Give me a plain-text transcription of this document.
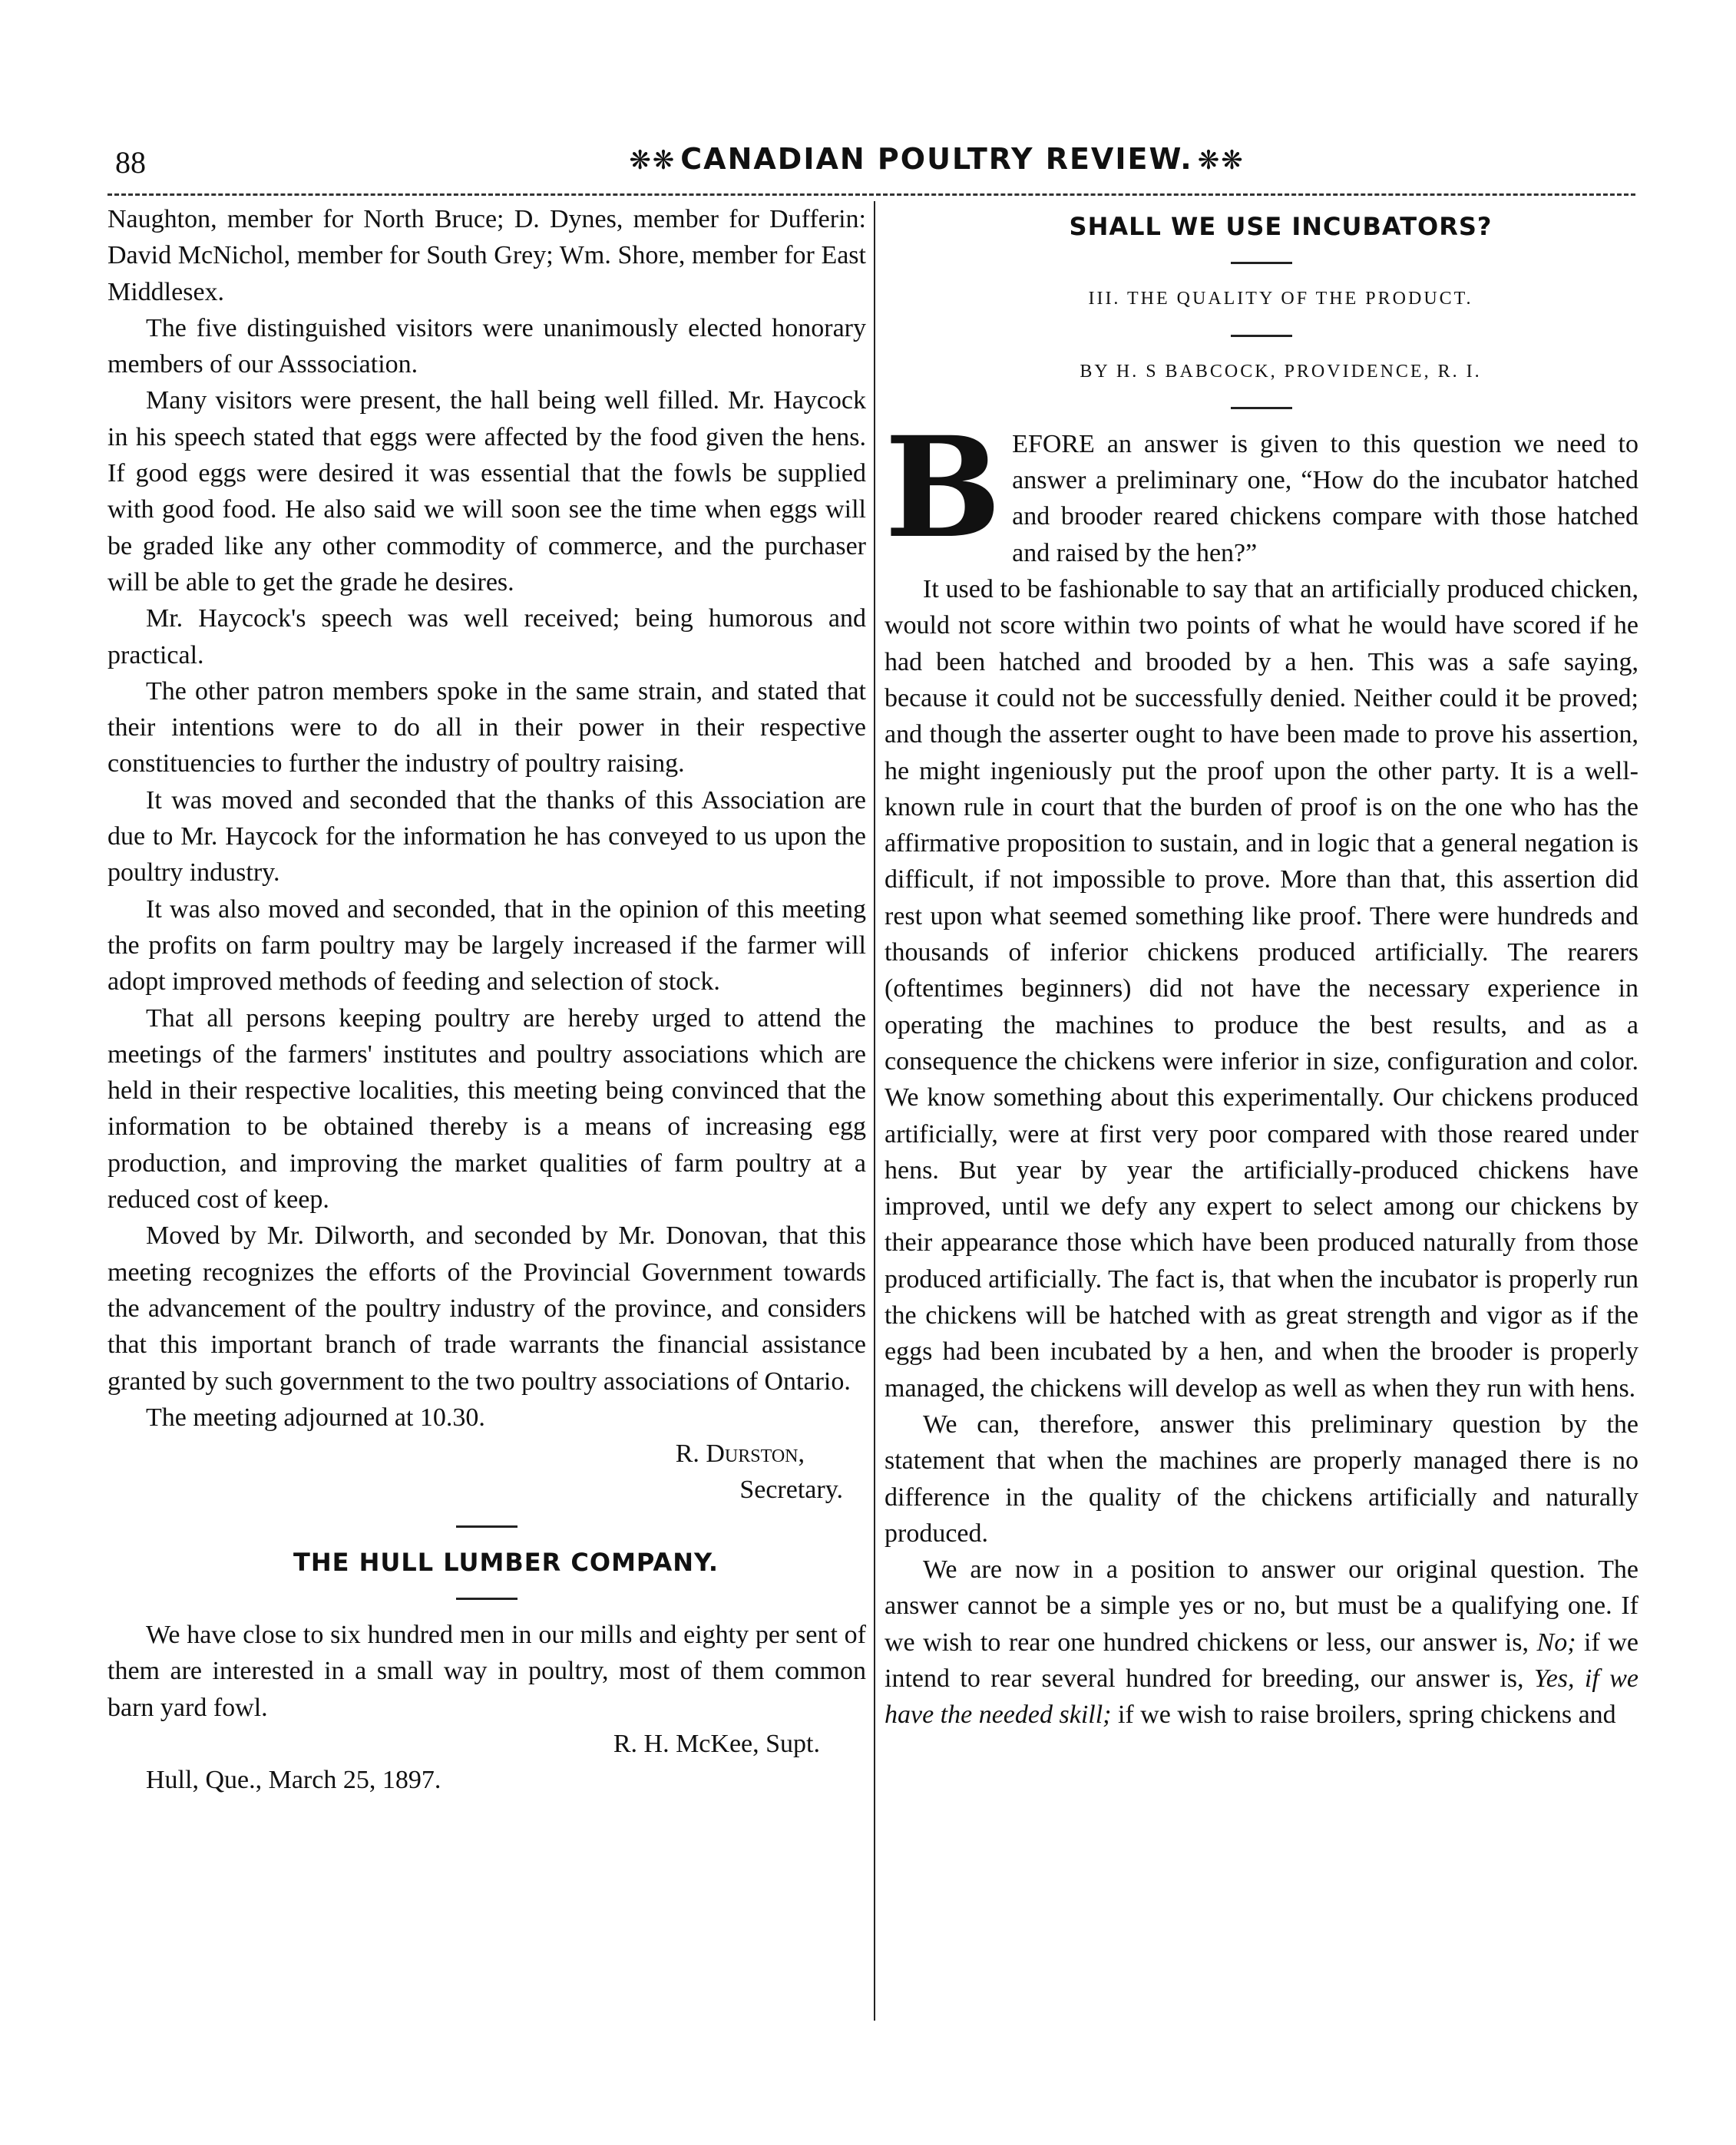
88	❋❋ CANADIAN POULTRY REVIEW. ❋❋

Naughton, member for North Bruce; D. Dynes, member for Dufferin: David McNichol, member for South Grey; Wm. Shore, member for East Middlesex.

The five distinguished visitors were unanimously elected honorary members of our Asssociation.

Many visitors were present, the hall being well filled. Mr. Haycock in his speech stated that eggs were affected by the food given the hens. If good eggs were desired it was essential that the fowls be supplied with good food. He also said we will soon see the time when eggs will be graded like any other commodity of commerce, and the purchaser will be able to get the grade he desires.

Mr. Haycock's speech was well received; being humorous and practical.

The other patron members spoke in the same strain, and stated that their intentions were to do all in their power in their respective constituencies to further the industry of poultry raising.

It was moved and seconded that the thanks of this Association are due to Mr. Haycock for the information he has conveyed to us upon the poultry industry.

It was also moved and seconded, that in the opinion of this meeting the profits on farm poultry may be largely increased if the farmer will adopt improved methods of feeding and selection of stock.

That all persons keeping poultry are hereby urged to attend the meetings of the farmers' institutes and poultry associations which are held in their respective localities, this meeting being convinced that the information to be obtained thereby is a means of increasing egg production, and improving the market qualities of farm poultry at a reduced cost of keep.

Moved by Mr. Dilworth, and seconded by Mr. Donovan, that this meeting recognizes the efforts of the Provincial Government towards the advancement of the poultry industry of the province, and considers that this important branch of trade warrants the financial assistance granted by such government to the two poultry associations of Ontario.

The meeting adjourned at 10.30.

R. Durston,

Secretary.

THE HULL LUMBER COMPANY.

We have close to six hundred men in our mills and eighty per sent of them are interested in a small way in poultry, most of them common barn yard fowl.

R. H. McKee, Supt.

Hull, Que., March 25, 1897.

SHALL WE USE INCUBATORS?

III. THE QUALITY OF THE PRODUCT.

BY H. S BABCOCK, PROVIDENCE, R. I.

B EFORE an answer is given to this question we need to answer a preliminary one, “How do the incubator hatched and brooder reared chickens compare with those hatched and raised by the hen?”

It used to be fashionable to say that an artificially produced chicken, would not score within two points of what he would have scored if he had been hatched and brooded by a hen. This was a safe saying, because it could not be successfully denied. Neither could it be proved; and though the asserter ought to have been made to prove his assertion, he might ingeniously put the proof upon the other party. It is a well-known rule in court that the burden of proof is on the one who has the affirmative proposition to sustain, and in logic that a general negation is difficult, if not impossible to prove. More than that, this assertion did rest upon what seemed something like proof. There were hundreds and thousands of inferior chickens produced artificially. The rearers (oftentimes beginners) did not have the necessary experience in operating the machines to produce the best results, and as a consequence the chickens were inferior in size, configuration and color. We know something about this experimentally. Our chickens produced artificially, were at first very poor compared with those reared under hens. But year by year the artificially-produced chickens have improved, until we defy any expert to select among our chickens by their appearance those which have been produced naturally from those produced artificially. The fact is, that when the incubator is properly run the chickens will be hatched with as great strength and vigor as if the eggs had been incubated by a hen, and when the brooder is properly managed, the chickens will develop as well as when they run with hens.

We can, therefore, answer this preliminary question by the statement that when the machines are properly managed there is no difference in the quality of the chickens artificially and naturally produced.

We are now in a position to answer our original question. The answer cannot be a simple yes or no, but must be a qualifying one. If we wish to rear one hundred chickens or less, our answer is, No; if we intend to rear several hundred for breeding, our answer is, Yes, if we have the needed skill; if we wish to raise broilers, spring chickens and
